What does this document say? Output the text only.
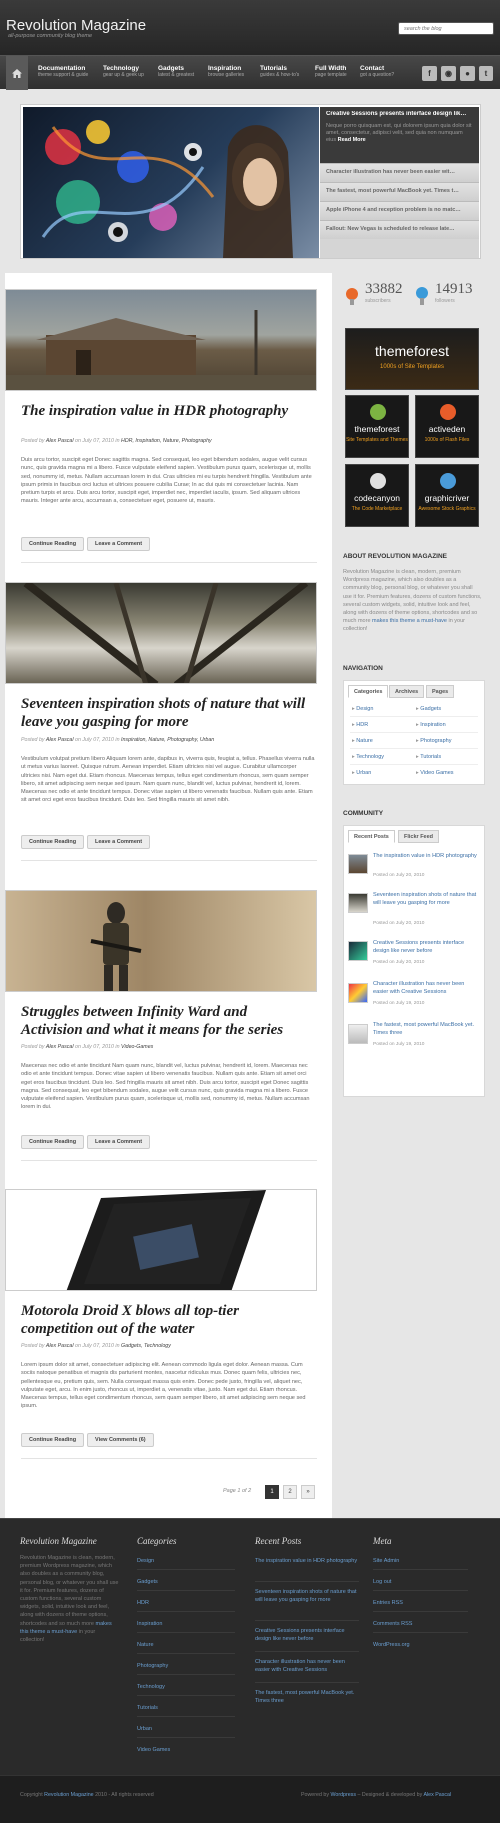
Revolution Magazine
all-purpose community blog theme
search the blog
Documentation
theme support & guide
Technology
gear up & geek up
Gadgets
latest & greatest
Inspiration
browse galleries
Tutorials
guides & how-to's
Full Width
page template
Contact
got a question?	f	◉	●	t
Creative Sessions presents interface design lik…
Neque porro quisquam est, qui dolorem ipsum quia dolor sit amet, consectetur, adipisci velit, sed quia non numquam eius Read More
Character illustration has never been easier wit…
The fastest, most powerful MacBook yet. Times t…
Apple iPhone 4 and reception problem is no matc…
Fallout: New Vegas is scheduled to release late…
The inspiration value in HDR photography
Posted by Alex Pascal on July 07, 2010 in HDR, Inspiration, Nature, Photography
Duis arcu tortor, suscipit eget Donec sagittis magna. Sed consequat, leo eget bibendum sodales, augue velit cursus nunc, quis gravida magna mi a libero. Fusce vulputate eleifend sapien. Vestibulum purus quam, scelerisque ut, mollis sed, nonummy id, metus. Nullam accumsan lorem in dui. Cras ultricies mi eu turpis hendrerit fringilla. Vestibulum ante ipsum primis in faucibus orci luctus et ultrices posuere cubilia Curae; In ac dui quis mi consectetuer lacinia. Nam pretium turpis et arcu. Duis arcu tortor, suscipit eget, imperdiet nec, imperdiet iaculis, ipsum. Sed aliquam ultrices mauris. Integer ante arcu, accumsan a, consectetuer eget, posuere ut, mauris.
Continue Reading	Leave a Comment
Seventeen inspiration shots of nature that will leave you gasping for more
Posted by Alex Pascal on July 07, 2010 in Inspiration, Nature, Photography, Urban
Vestibulum volutpat pretium libero Aliquam lorem ante, dapibus in, viverra quis, feugiat a, tellus. Phasellus viverra nulla ut metus varius laoreet. Quisque rutrum. Aenean imperdiet. Etiam ultricies nisi vel augue. Curabitur ullamcorper ultricies nisi. Nam eget dui. Etiam rhoncus. Maecenas tempus, tellus eget condimentum rhoncus, sem quam semper libero, sit amet adipiscing sem neque sed ipsum. Nam quam nunc, blandit vel, luctus pulvinar, hendrerit id, lorem. Maecenas nec odio et ante tincidunt tempus. Donec vitae sapien ut libero venenatis faucibus. Nullam quis ante. Etiam sit amet orci eget eros faucibus tincidunt. Duis leo. Sed fringilla mauris sit amet nibh.
Continue Reading	Leave a Comment
Struggles between Infinity Ward and Activision and what it means for the series
Posted by Alex Pascal on July 07, 2010 in Video-Games
Maecenas nec odio et ante tincidunt Nam quam nunc, blandit vel, luctus pulvinar, hendrerit id, lorem. Maecenas nec odio et ante tincidunt tempus. Donec vitae sapien ut libero venenatis faucibus. Nullam quis ante. Etiam sit amet orci eget eros faucibus tincidunt. Duis leo. Sed fringilla mauris sit amet nibh. Duis arcu tortor, suscipit eget Donec sagittis magna. Sed consequat, leo eget bibendum sodales, augue velit cursus nunc, quis gravida magna mi a libero. Fusce vulputate eleifend sapien. Vestibulum purus quam, scelerisque ut, mollis sed, nonummy id, metus. Nullam accumsan lorem in dui.
Continue Reading	Leave a Comment
Motorola Droid X blows all top-tier competition out of the water
Posted by Alex Pascal on July 07, 2010 in Gadgets, Technology
Lorem ipsum dolor sit amet, consectetuer adipiscing elit. Aenean commodo ligula eget dolor. Aenean massa. Cum sociis natoque penatibus et magnis dis parturient montes, nascetur ridiculus mus. Donec quam felis, ultricies nec, pellentesque eu, pretium quis, sem. Nulla consequat massa quis enim. Donec pede justo, fringilla vel, aliquet nec, vulputate eget, arcu. In enim justo, rhoncus ut, imperdiet a, venenatis vitae, justo. Nam eget dui. Etiam rhoncus. Maecenas tempus, tellus eget condimentum rhoncus, sem quam semper libero, sit amet adipiscing sem neque sed ipsum.
Continue Reading	View Comments (6)
Page 1 of 2	1	2	»
33882
subscribers
14913
followers
themeforest
1000s of Site Templates
themeforest
Site Templates and Themes
activeden
1000s of Flash Files
codecanyon
The Code Marketplace
graphicriver
Awesome Stock Graphics
ABOUT REVOLUTION MAGAZINE
Revolution Magazine is clean, modern, premium Wordpress magazine, which also doubles as a community blog, personal blog, or whatever you shall use it for. Premium features, dozens of custom functions, several custom widgets, solid, intuitive look and feel, along with dozens of theme options, shortcodes and so much more makes this theme a must-have in your collection!
NAVIGATION
Categories	Archives	Pages
▸ Design
▸ HDR
▸ Nature
▸ Technology
▸ Urban
▸ Gadgets
▸ Inspiration
▸ Photography
▸ Tutorials
▸ Video Games
COMMUNITY
Recent Posts	Flickr Feed
The inspiration value in HDR photography
Posted on July 20, 2010
Seventeen inspiration shots of nature that will leave you gasping for more
Posted on July 20, 2010
Creative Sessions presents interface design like never before
Posted on July 20, 2010
Character illustration has never been easier with Creative Sessions
Posted on July 19, 2010
The fastest, most powerful MacBook yet. Times three
Posted on July 19, 2010
Revolution Magazine
Revolution Magazine is clean, modern, premium Wordpress magazine, which also doubles as a community blog, personal blog, or whatever you shall use it for. Premium features, dozens of custom functions, several custom widgets, solid, intuitive look and feel, along with dozens of theme options, shortcodes and so much more makes this theme a must-have in your collection!
Categories
Design
Gadgets
HDR
Inspiration
Nature
Photography
Technology
Tutorials
Urban
Video Games
Recent Posts
The inspiration value in HDR photography
Seventeen inspiration shots of nature that will leave you gasping for more
Creative Sessions presents interface design like never before
Character illustration has never been easier with Creative Sessions
The fastest, most powerful MacBook yet. Times three
Meta
Site Admin
Log out
Entries RSS
Comments RSS
WordPress.org
Copyright Revolution Magazine 2010 - All rights reserved	Powered by Wordpress – Designed & developed by Alex Pascal
